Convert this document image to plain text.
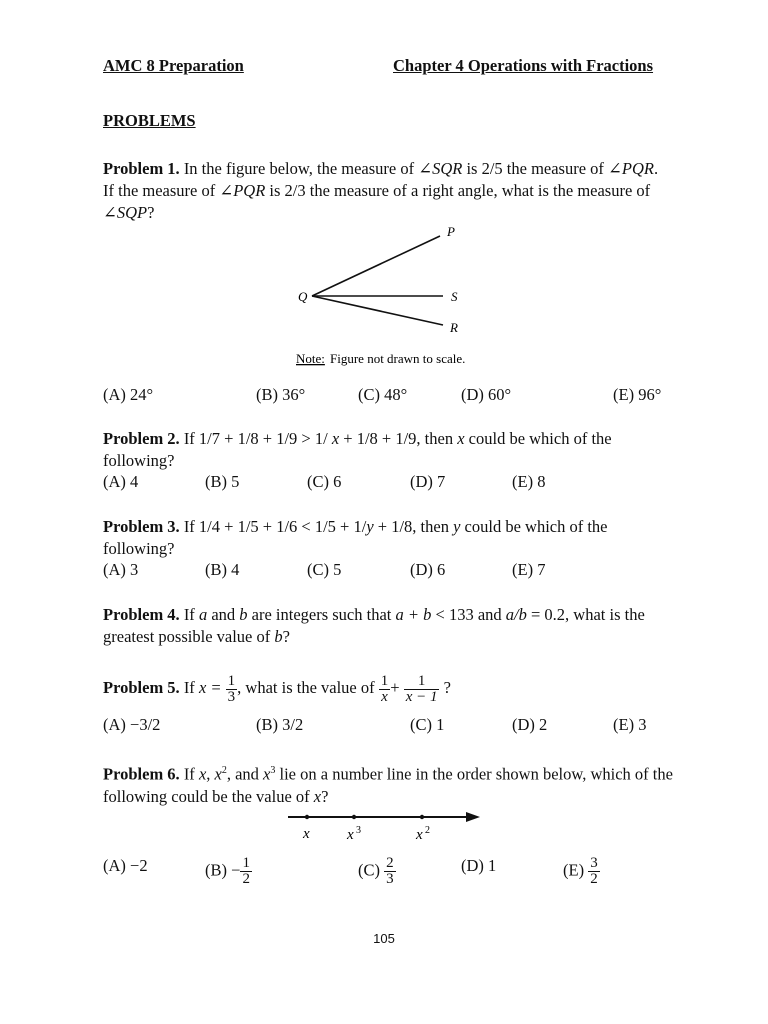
AMC 8 Preparation	Chapter 4 Operations with Fractions
PROBLEMS
Problem 1. In the figure below, the measure of ∠SQR is 2/5 the measure of ∠PQR. If the measure of ∠PQR is 2/3 the measure of a right angle, what is the measure of ∠SQP?
Q
P
S
R
Note: Figure not drawn to scale.
(A) 24°	(B) 36°	(C) 48°	(D) 60°	(E) 96°
Problem 2. If 1/7 + 1/8 + 1/9 > 1/ x + 1/8 + 1/9, then x could be which of the following?
(A) 4	(B) 5	(C) 6	(D) 7	(E) 8
Problem 3. If 1/4 + 1/5 + 1/6 < 1/5 + 1/y + 1/8, then y could be which of the following?
(A) 3	(B) 4	(C) 5	(D) 6	(E) 7
Problem 4. If a and b are integers such that a + b < 133 and a/b = 0.2, what is the greatest possible value of b?
Problem 5. If $x = \frac{1}{3}$ , what is the value of $\frac{1}{x} + \frac{1}{x - 1}$ ?
(A) −3/2	(B) 3/2	(C) 1	(D) 2	(E) 3
Problem 6. If x, $x^2$, and $x^3$ lie on a number line in the order shown below, which of the following could be the value of x?
x x 3	x 2
(A) −2	$(B) - \frac{1}{2}$	$(C) \frac{2}{3}$	(D) 1	$(E) \frac{3}{2}$
105
